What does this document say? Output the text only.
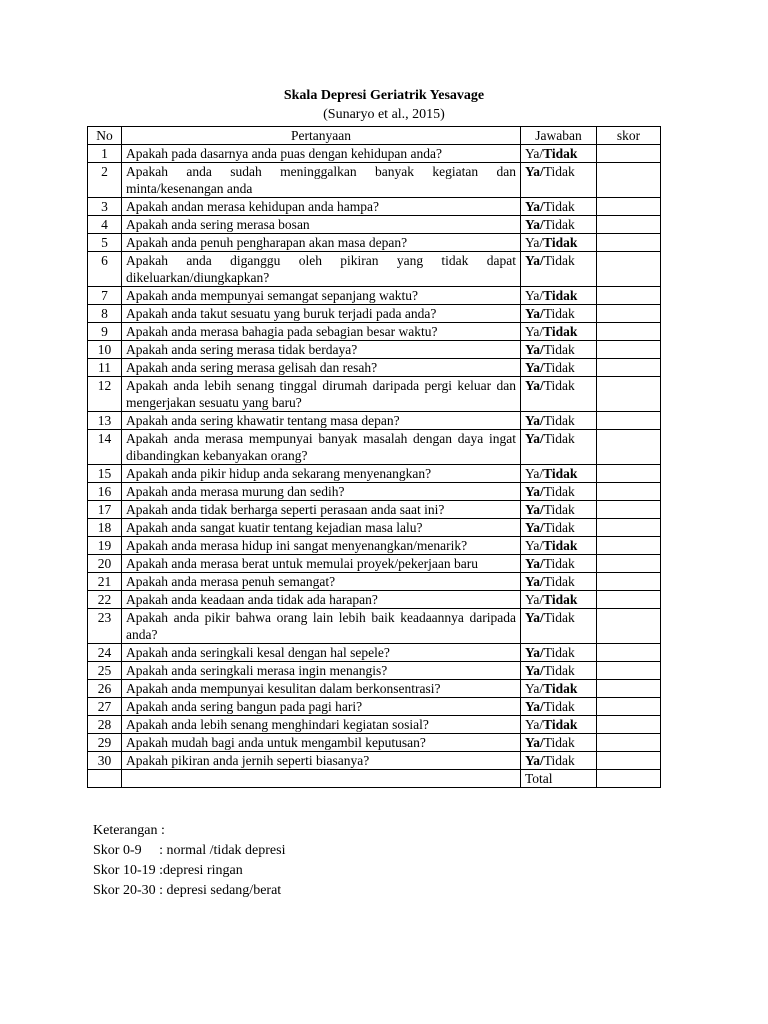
Skala Depresi Geriatrik Yesavage
(Sunaryo et al., 2015)
No	Pertanyaan	Jawaban	skor
1	Apakah pada dasarnya anda puas dengan kehidupan anda?	Ya/Tidak	
2	Apakah anda sudah meninggalkan banyak kegiatan dan minta/kesenangan anda	Ya/Tidak	
3	Apakah andan merasa kehidupan anda hampa?	Ya/Tidak	
4	Apakah anda sering merasa bosan	Ya/Tidak	
5	Apakah anda penuh pengharapan akan masa depan?	Ya/Tidak	
6	Apakah anda diganggu oleh pikiran yang tidak dapat dikeluarkan/diungkapkan?	Ya/Tidak	
7	Apakah anda mempunyai semangat sepanjang waktu?	Ya/Tidak	
8	Apakah anda takut sesuatu yang buruk terjadi pada anda?	Ya/Tidak	
9	Apakah anda merasa bahagia pada sebagian besar waktu?	Ya/Tidak	
10	Apakah anda sering merasa tidak berdaya?	Ya/Tidak	
11	Apakah anda sering merasa gelisah dan resah?	Ya/Tidak	
12	Apakah anda lebih senang tinggal dirumah daripada pergi keluar dan mengerjakan sesuatu yang baru?	Ya/Tidak	
13	Apakah anda sering khawatir tentang masa depan?	Ya/Tidak	
14	Apakah anda merasa mempunyai banyak masalah dengan daya ingat dibandingkan kebanyakan orang?	Ya/Tidak	
15	Apakah anda pikir hidup anda sekarang menyenangkan?	Ya/Tidak	
16	Apakah anda merasa murung dan sedih?	Ya/Tidak	
17	Apakah anda tidak berharga seperti perasaan anda saat ini?	Ya/Tidak	
18	Apakah anda sangat kuatir tentang kejadian masa lalu?	Ya/Tidak	
19	Apakah anda merasa hidup ini sangat menyenangkan/menarik?	Ya/Tidak	
20	Apakah anda merasa berat untuk memulai proyek/pekerjaan baru	Ya/Tidak	
21	Apakah anda merasa penuh semangat?	Ya/Tidak	
22	Apakah anda keadaan anda tidak ada harapan?	Ya/Tidak	
23	Apakah anda pikir bahwa orang lain lebih baik keadaannya daripada anda?	Ya/Tidak	
24	Apakah anda seringkali kesal dengan hal sepele?	Ya/Tidak	
25	Apakah anda seringkali merasa ingin menangis?	Ya/Tidak	
26	Apakah anda mempunyai kesulitan dalam berkonsentrasi?	Ya/Tidak	
27	Apakah anda sering bangun pada pagi hari?	Ya/Tidak	
28	Apakah anda lebih senang menghindari kegiatan sosial?	Ya/Tidak	
29	Apakah mudah bagi anda untuk mengambil keputusan?	Ya/Tidak	
30	Apakah pikiran anda jernih seperti biasanya?	Ya/Tidak	
		Total	
Keterangan :
Skor 0-9     : normal /tidak depresi
Skor 10-19 :depresi ringan
Skor 20-30 : depresi sedang/berat
